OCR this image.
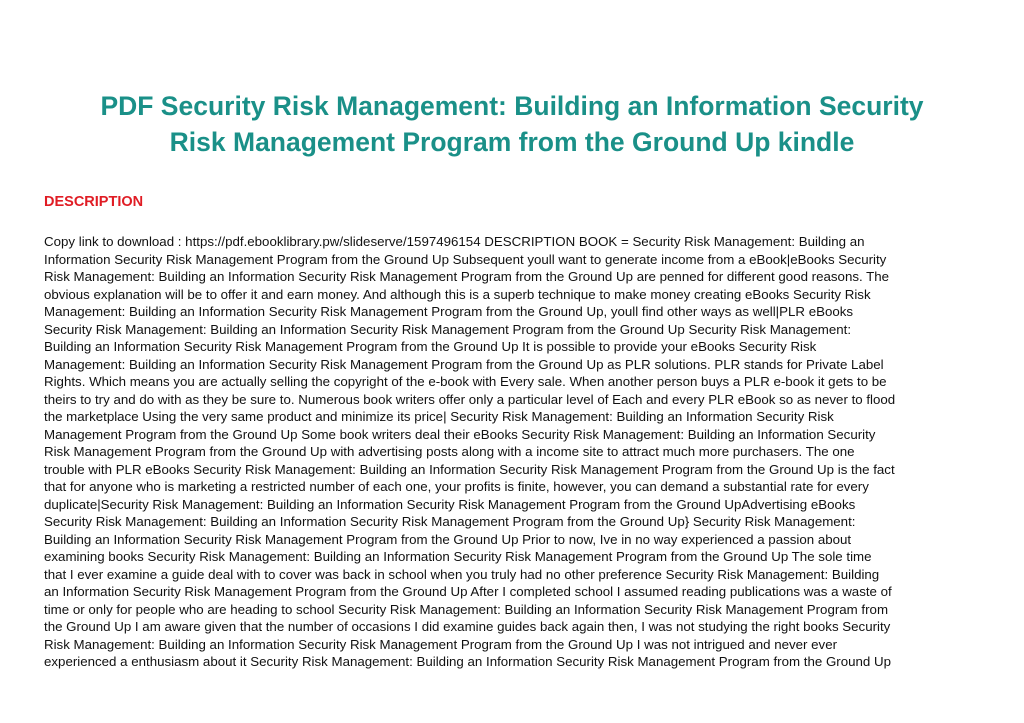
PDF Security Risk Management: Building an Information Security
Risk Management Program from the Ground Up kindle
DESCRIPTION
Copy link to download : https://pdf.ebooklibrary.pw/slideserve/1597496154 DESCRIPTION BOOK = Security Risk Management: Building an
Information Security Risk Management Program from the Ground Up Subsequent youll want to generate income from a eBook|eBooks Security
Risk Management: Building an Information Security Risk Management Program from the Ground Up are penned for different good reasons. The
obvious explanation will be to offer it and earn money. And although this is a superb technique to make money creating eBooks Security Risk
Management: Building an Information Security Risk Management Program from the Ground Up, youll find other ways as well|PLR eBooks
Security Risk Management: Building an Information Security Risk Management Program from the Ground Up Security Risk Management:
Building an Information Security Risk Management Program from the Ground Up It is possible to provide your eBooks Security Risk
Management: Building an Information Security Risk Management Program from the Ground Up as PLR solutions. PLR stands for Private Label
Rights. Which means you are actually selling the copyright of the e-book with Every sale. When another person buys a PLR e-book it gets to be
theirs to try and do with as they be sure to. Numerous book writers offer only a particular level of Each and every PLR eBook so as never to flood
the marketplace Using the very same product and minimize its price| Security Risk Management: Building an Information Security Risk
Management Program from the Ground Up Some book writers deal their eBooks Security Risk Management: Building an Information Security
Risk Management Program from the Ground Up with advertising posts along with a income site to attract much more purchasers. The one
trouble with PLR eBooks Security Risk Management: Building an Information Security Risk Management Program from the Ground Up is the fact
that for anyone who is marketing a restricted number of each one, your profits is finite, however, you can demand a substantial rate for every
duplicate|Security Risk Management: Building an Information Security Risk Management Program from the Ground UpAdvertising eBooks
Security Risk Management: Building an Information Security Risk Management Program from the Ground Up} Security Risk Management:
Building an Information Security Risk Management Program from the Ground Up Prior to now, Ive in no way experienced a passion about
examining books Security Risk Management: Building an Information Security Risk Management Program from the Ground Up The sole time
that I ever examine a guide deal with to cover was back in school when you truly had no other preference Security Risk Management: Building
an Information Security Risk Management Program from the Ground Up After I completed school I assumed reading publications was a waste of
time or only for people who are heading to school Security Risk Management: Building an Information Security Risk Management Program from
the Ground Up I am aware given that the number of occasions I did examine guides back again then, I was not studying the right books Security
Risk Management: Building an Information Security Risk Management Program from the Ground Up I was not intrigued and never ever
experienced a enthusiasm about it Security Risk Management: Building an Information Security Risk Management Program from the Ground Up
